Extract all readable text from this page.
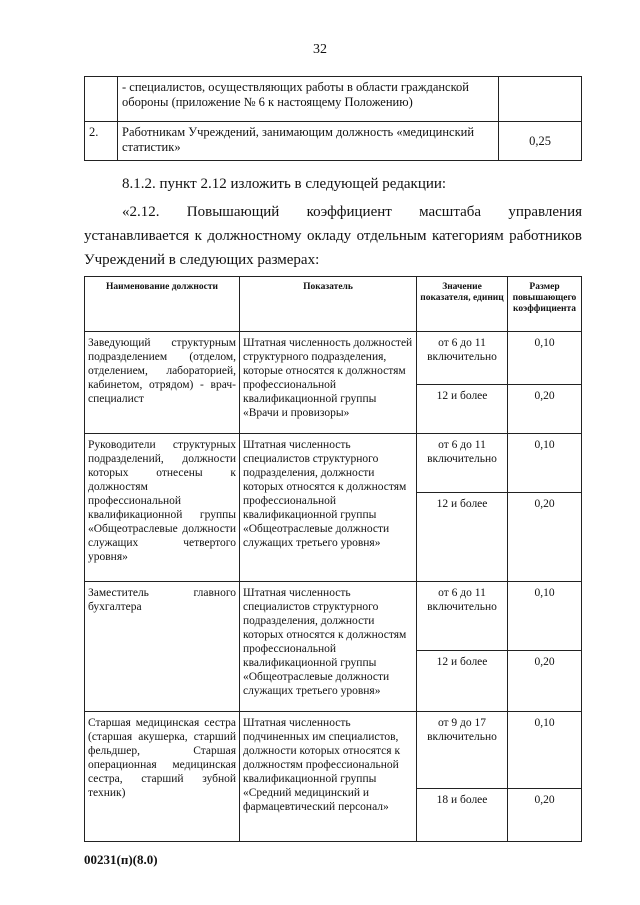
32
	- специалистов, осуществляющих работы в области гражданской обороны (приложение № 6 к настоящему Положению)	
2.	Работникам Учреждений, занимающим должность «медицинский статистик»	0,25
8.1.2. пункт 2.12 изложить в следующей редакции:
«2.12. Повышающий коэффициент масштаба управления устанавливается к должностному окладу отдельным категориям работников Учреждений в следующих размерах:
Наименование должности	Показатель	Значение показателя, единиц	Размер повышающего коэффициента
Заведующий структурным подразделением (отделом, отделением, лабораторией, кабинетом, отрядом) - врач-специалист	Штатная численность должностей структурного подразделения, которые относятся к должностям профессиональной квалификационной группы «Врачи и провизоры»	от 6 до 11 включительно	0,10
		12 и более	0,20
Руководители структурных подразделений, должности которых отнесены к должностям профессиональной квалификационной группы «Общеотраслевые должности служащих четвертого уровня»	Штатная численность специалистов структурного подразделения, должности которых относятся к должностям профессиональной квалификационной группы «Общеотраслевые должности служащих третьего уровня»	от 6 до 11 включительно	0,10
		12 и более	0,20
Заместитель главного бухгалтера	Штатная численность специалистов структурного подразделения, должности которых относятся к должностям профессиональной квалификационной группы «Общеотраслевые должности служащих третьего уровня»	от 6 до 11 включительно	0,10
		12 и более	0,20
Старшая медицинская сестра (старшая акушерка, старший фельдшер, Старшая операционная медицинская сестра, старший зубной техник)	Штатная численность подчиненных им специалистов, должности которых относятся к должностям профессиональной квалификационной группы «Средний медицинский и фармацевтический персонал»	от 9 до 17 включительно	0,10
		18 и более	0,20
00231(п)(8.0)
